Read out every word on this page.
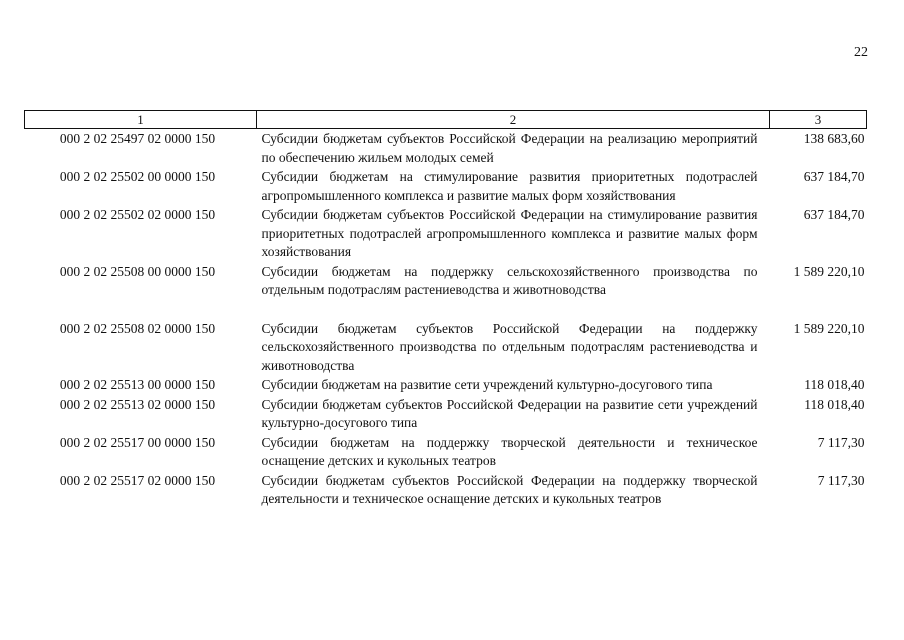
22
1	2	3
000 2 02 25497 02 0000 150	Субсидии бюджетам субъектов Российской Федерации на реализацию мероприятий по обеспечению жильем молодых семей	138 683,60
000 2 02 25502 00 0000 150	Субсидии бюджетам на стимулирование развития приоритетных подотраслей агропромышленного комплекса и развитие малых форм хозяйствования	637 184,70
000 2 02 25502 02 0000 150	Субсидии бюджетам субъектов Российской Федерации на стимулирование развития приоритетных подотраслей агропромышленного комплекса и развитие малых форм хозяйствования	637 184,70
000 2 02 25508 00 0000 150	Субсидии бюджетам на поддержку сельскохозяйственного производства по отдельным подотраслям растениеводства и животноводства	1 589 220,10
000 2 02 25508 02 0000 150	Субсидии бюджетам субъектов Российской Федерации на поддержку сельскохозяйственного производства по отдельным подотраслям растениеводства и животноводства	1 589 220,10
000 2 02 25513 00 0000 150	Субсидии бюджетам на развитие сети учреждений культурно-досугового типа	118 018,40
000 2 02 25513 02 0000 150	Субсидии бюджетам субъектов Российской Федерации на развитие сети учреждений культурно-досугового типа	118 018,40
000 2 02 25517 00 0000 150	Субсидии бюджетам на поддержку творческой деятельности и техническое оснащение детских и кукольных театров	7 117,30
000 2 02 25517 02 0000 150	Субсидии бюджетам субъектов Российской Федерации на поддержку творческой деятельности и техническое оснащение детских и кукольных театров	7 117,30
